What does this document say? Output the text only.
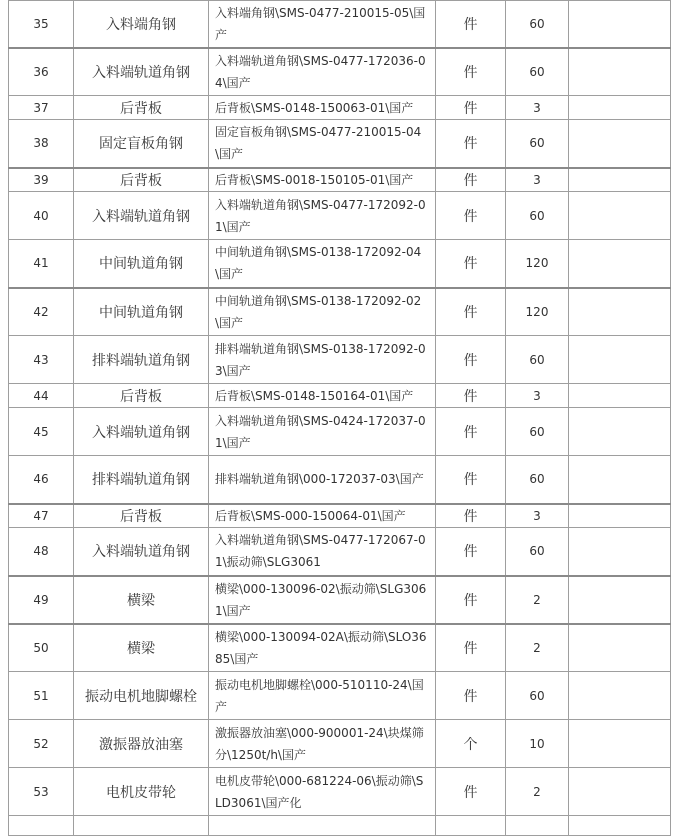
35	入料端角钢	入料端角钢\SMS-0477-210015-05\国产	件	60	
36	入料端轨道角钢	入料端轨道角钢\SMS-0477-172036-04\国产	件	60	
37	后背板	后背板\SMS-0148-150063-01\国产	件	3	
38	固定盲板角钢	固定盲板角钢\SMS-0477-210015-04\国产	件	60	
39	后背板	后背板\SMS-0018-150105-01\国产	件	3	
40	入料端轨道角钢	入料端轨道角钢\SMS-0477-172092-01\国产	件	60	
41	中间轨道角钢	中间轨道角钢\SMS-0138-172092-04\国产	件	120	
42	中间轨道角钢	中间轨道角钢\SMS-0138-172092-02\国产	件	120	
43	排料端轨道角钢	排料端轨道角钢\SMS-0138-172092-03\国产	件	60	
44	后背板	后背板\SMS-0148-150164-01\国产	件	3	
45	入料端轨道角钢	入料端轨道角钢\SMS-0424-172037-01\国产	件	60	
46	排料端轨道角钢	排料端轨道角钢\000-172037-03\国产	件	60	
47	后背板	后背板\SMS-000-150064-01\国产	件	3	
48	入料端轨道角钢	入料端轨道角钢\SMS-0477-172067-01\振动筛\SLG3061	件	60	
49	横梁	横梁\000-130096-02\振动筛\SLG3061\国产	件	2	
50	横梁	横梁\000-130094-02A\振动筛\SLO3685\国产	件	2	
51	振动电机地脚螺栓	振动电机地脚螺栓\000-510110-24\国产	件	60	
52	激振器放油塞	激振器放油塞\000-900001-24\块煤筛分\1250t/h\国产	个	10	
53	电机皮带轮	电机皮带轮\000-681224-06\振动筛\SLD3061\国产化	件	2	
